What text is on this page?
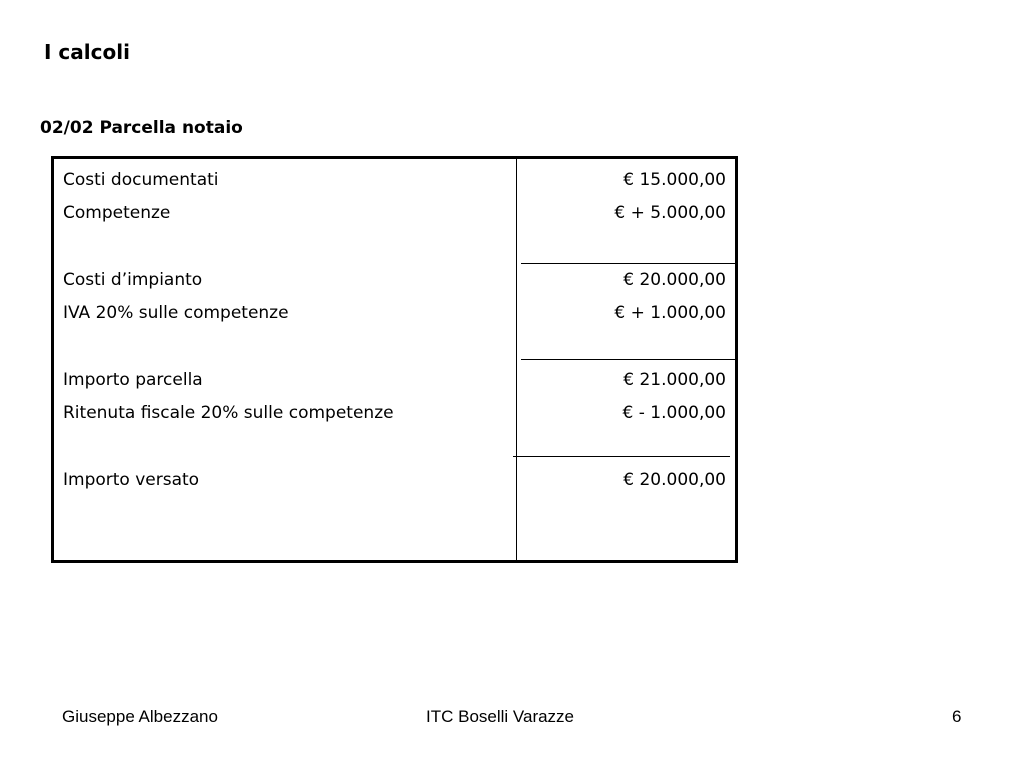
I calcoli
02/02 Parcella notaio
Costi documentati	€ 15.000,00
Competenze	€ + 5.000,00
Costi d’impianto	€ 20.000,00
IVA 20% sulle competenze	€ + 1.000,00
Importo parcella	€ 21.000,00
Ritenuta fiscale 20% sulle competenze	€ - 1.000,00
Importo versato	€ 20.000,00
Giuseppe Albezzano	ITC Boselli Varazze	6
